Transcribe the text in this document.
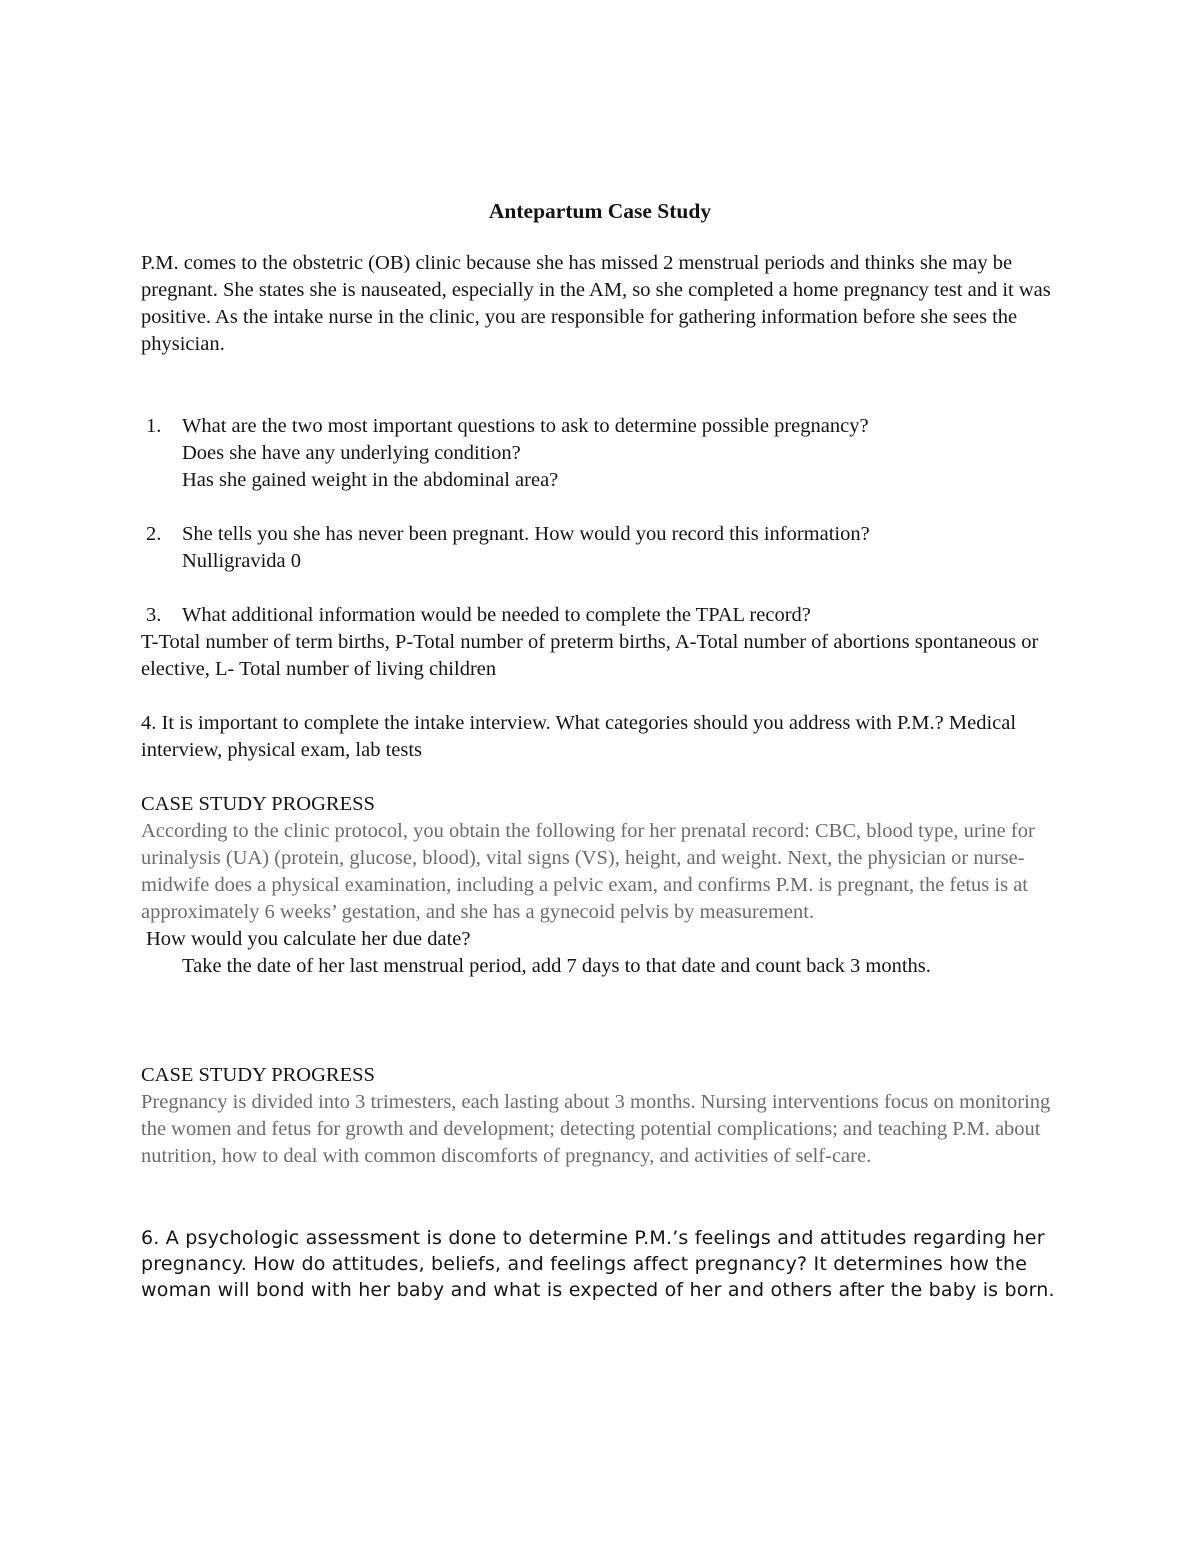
Antepartum Case Study

P.M. comes to the obstetric (OB) clinic because she has missed 2 menstrual periods and thinks she may be pregnant. She states she is nauseated, especially in the AM, so she completed a home pregnancy test and it was positive. As the intake nurse in the clinic, you are responsible for gathering information before she sees the physician.

1. What are the two most important questions to ask to determine possible pregnancy?
Does she have any underlying condition?
Has she gained weight in the abdominal area?
2. She tells you she has never been pregnant. How would you record this information?
Nulligravida 0
3. What additional information would be needed to complete the TPAL record?
T-Total number of term births, P-Total number of preterm births, A-Total number of abortions spontaneous or elective, L- Total number of living children

4. It is important to complete the intake interview. What categories should you address with P.M.? Medical interview, physical exam, lab tests

CASE STUDY PROGRESS
According to the clinic protocol, you obtain the following for her prenatal record: CBC, blood type, urine for urinalysis (UA) (protein, glucose, blood), vital signs (VS), height, and weight. Next, the physician or nurse-midwife does a physical examination, including a pelvic exam, and confirms P.M. is pregnant, the fetus is at approximately 6 weeks’ gestation, and she has a gynecoid pelvis by measurement.
How would you calculate her due date?
Take the date of her last menstrual period, add 7 days to that date and count back 3 months.
CASE STUDY PROGRESS
Pregnancy is divided into 3 trimesters, each lasting about 3 months. Nursing interventions focus on monitoring the women and fetus for growth and development; detecting potential complications; and teaching P.M. about nutrition, how to deal with common discomforts of pregnancy, and activities of self-care.

6. A psychologic assessment is done to determine P.M.’s feelings and attitudes regarding her pregnancy. How do attitudes, beliefs, and feelings affect pregnancy? It determines how the woman will bond with her baby and what is expected of her and others after the baby is born.
